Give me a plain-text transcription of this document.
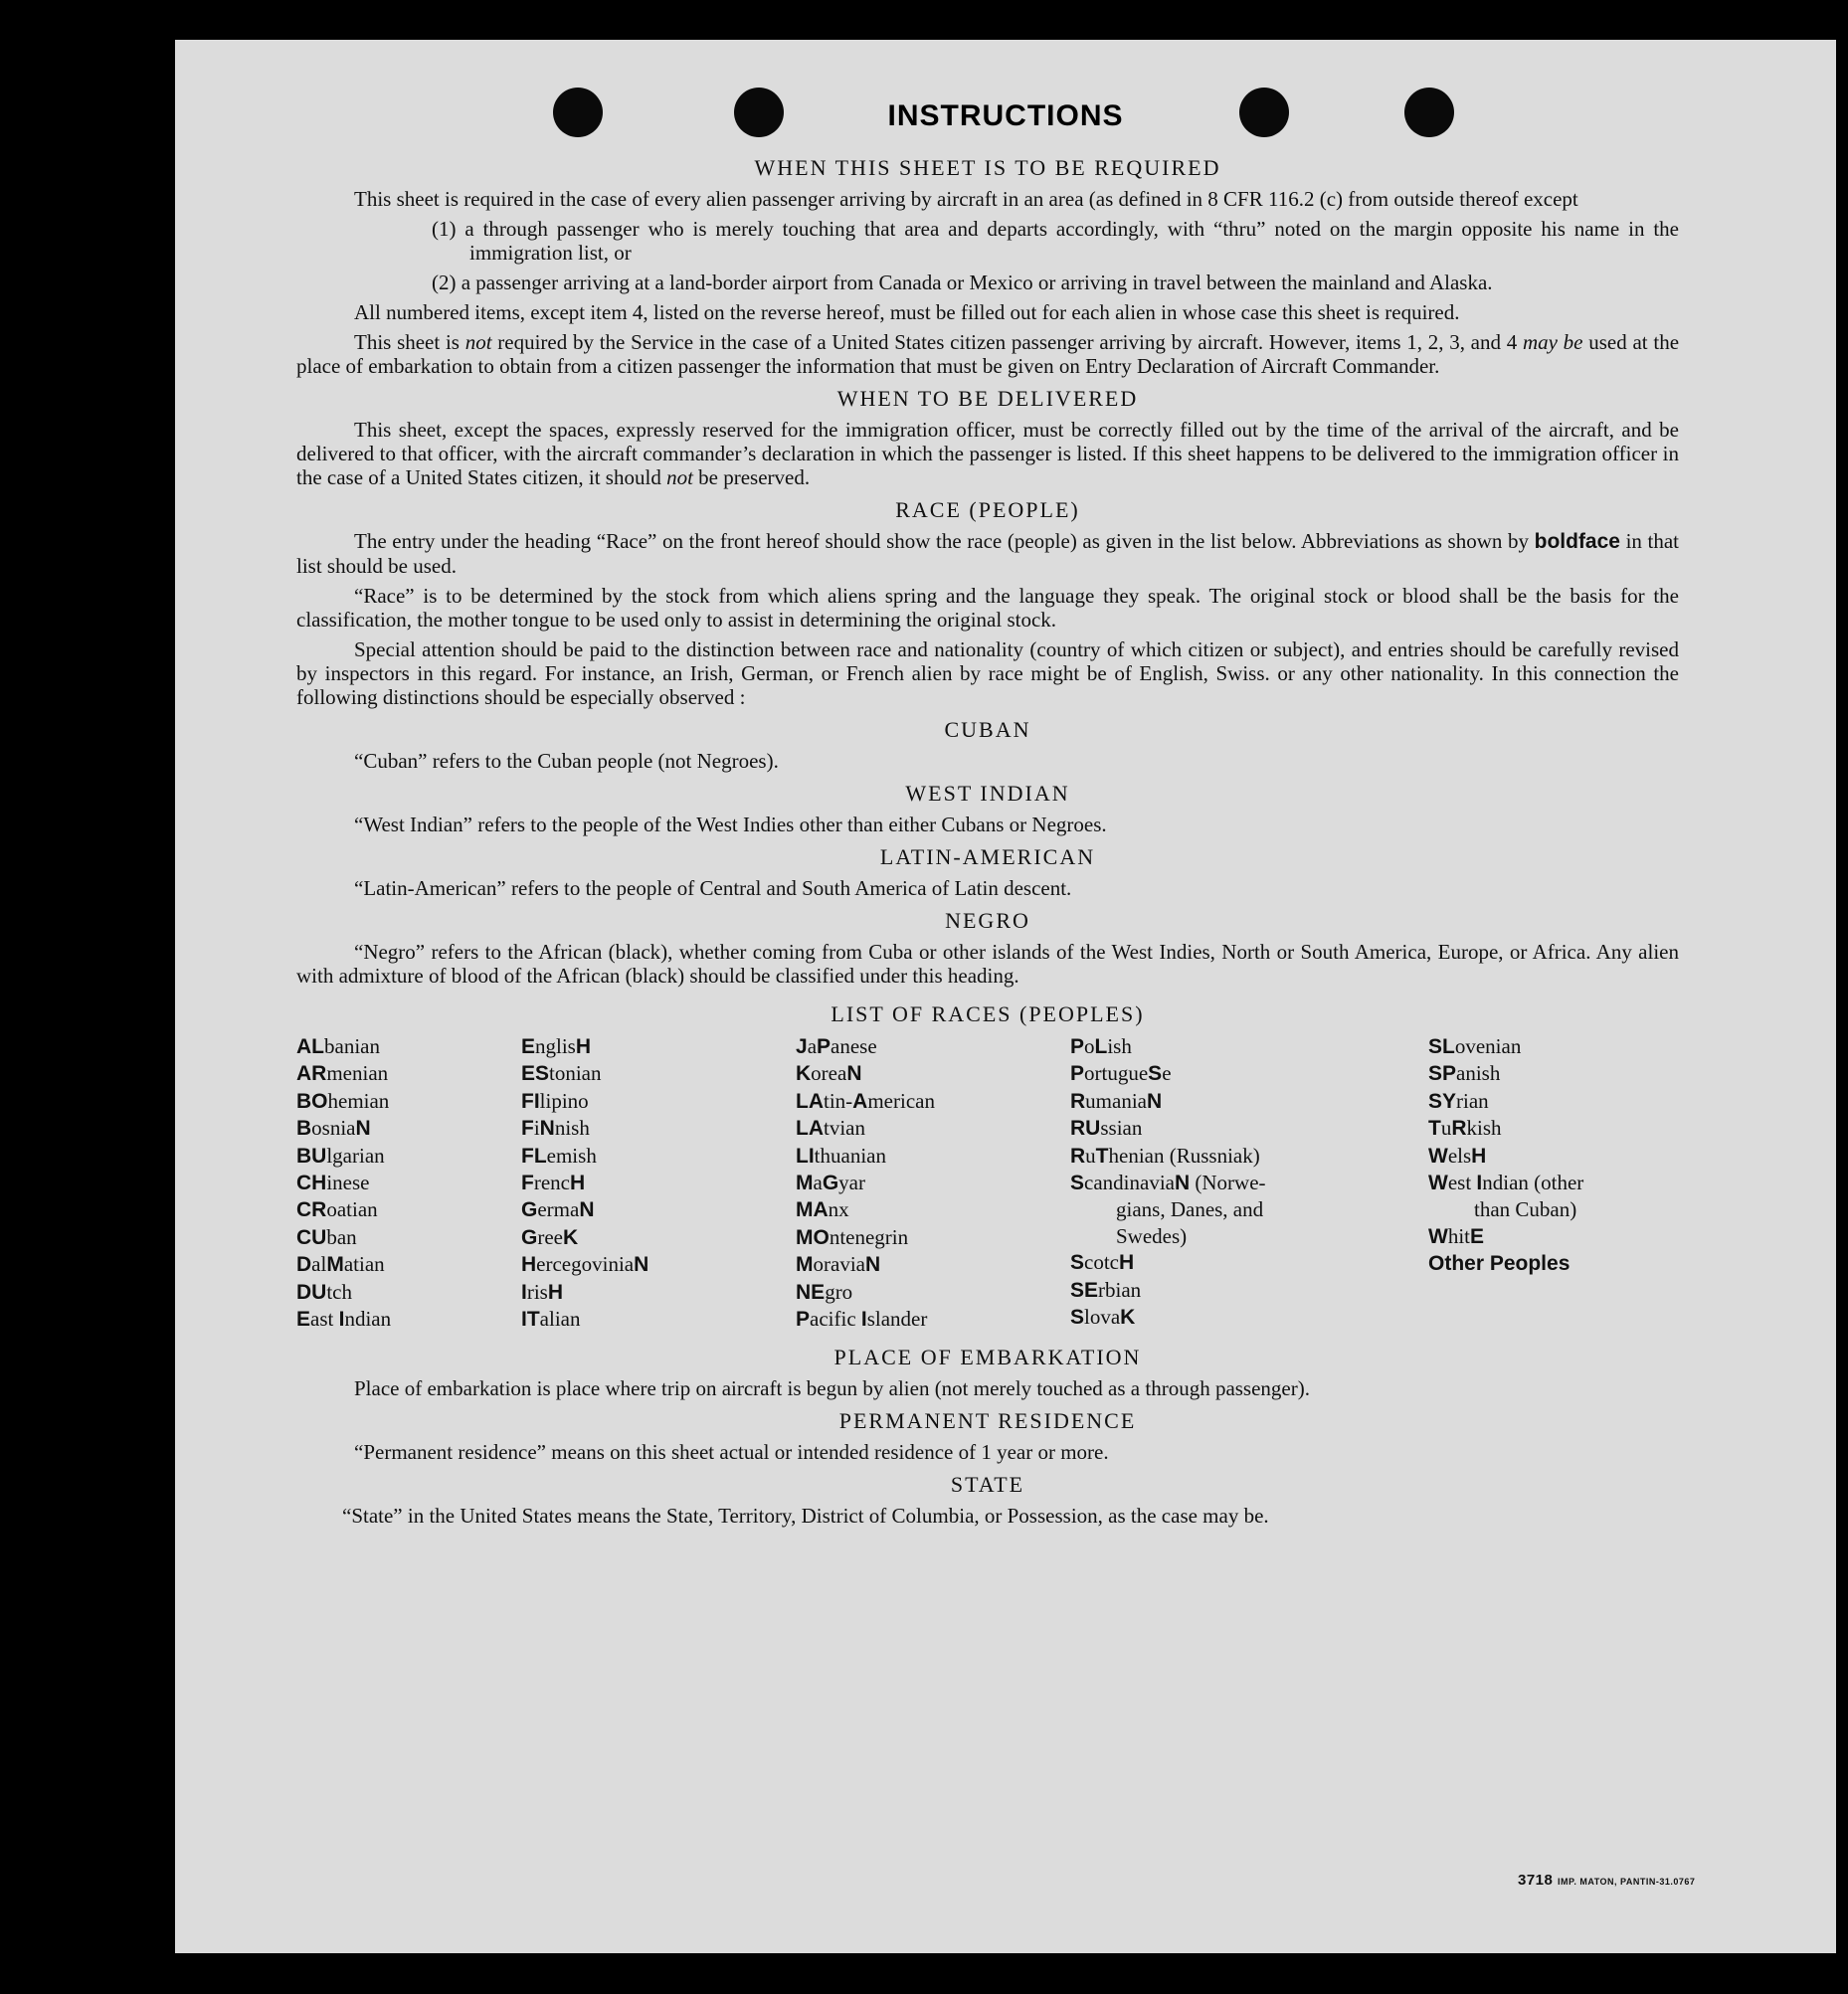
INSTRUCTIONS
WHEN THIS SHEET IS TO BE REQUIRED

This sheet is required in the case of every alien passenger arriving by aircraft in an area (as defined in 8 CFR 116.2 (c) from outside thereof except

(1) a through passenger who is merely touching that area and departs accordingly, with “thru” noted on the margin opposite his name in the immigration list, or

(2) a passenger arriving at a land-border airport from Canada or Mexico or arriving in travel between the mainland and Alaska.

All numbered items, except item 4, listed on the reverse hereof, must be filled out for each alien in whose case this sheet is required.

This sheet is not required by the Service in the case of a United States citizen passenger arriving by aircraft. However, items 1, 2, 3, and 4 may be used at the place of embarkation to obtain from a citizen passenger the information that must be given on Entry Declaration of Aircraft Commander.

WHEN TO BE DELIVERED

This sheet, except the spaces, expressly reserved for the immigration officer, must be correctly filled out by the time of the arrival of the aircraft, and be delivered to that officer, with the aircraft commander’s declaration in which the passenger is listed. If this sheet happens to be delivered to the immigration officer in the case of a United States citizen, it should not be preserved.

RACE (PEOPLE)

The entry under the heading “Race” on the front hereof should show the race (people) as given in the list below. Abbreviations as shown by boldface in that list should be used.

“Race” is to be determined by the stock from which aliens spring and the language they speak. The original stock or blood shall be the basis for the classification, the mother tongue to be used only to assist in determining the original stock.

Special attention should be paid to the distinction between race and nationality (country of which citizen or subject), and entries should be carefully revised by inspectors in this regard. For instance, an Irish, German, or French alien by race might be of English, Swiss. or any other nationality. In this connection the following distinctions should be especially observed :

CUBAN

“Cuban” refers to the Cuban people (not Negroes).

WEST INDIAN

“West Indian” refers to the people of the West Indies other than either Cubans or Negroes.

LATIN-AMERICAN

“Latin-American” refers to the people of Central and South America of Latin descent.

NEGRO

“Negro” refers to the African (black), whether coming from Cuba or other islands of the West Indies, North or South America, Europe, or Africa. Any alien with admixture of blood of the African (black) should be classified under this heading.

LIST OF RACES (PEOPLES)
ALbanian
ARmenian
BOhemian
BosniaN
BUlgarian
CHinese
CRoatian
CUban
DalMatian
DUtch
East Indian
EnglisH
EStonian
FIlipino
FiNnish
FLemish
FrencH
GermaN
GreeK
HercegoviniaN
IrisH
ITalian
JaPanese
KoreaN
LAtin-American
LAtvian
LIthuanian
MaGyar
MAnx
MOntenegrin
MoraviaN
NEgro
Pacific Islander
PoLish
PortugueSe
RumaniaN
RUssian
RuThenian (Russniak)
ScandinaviaN (Norwe-
gians, Danes, and
Swedes)
ScotcH
SErbian
SlovaK
SLovenian
SPanish
SYrian
TuRkish
WelsH
West Indian (other
than Cuban)
WhitE
Other Peoples
PLACE OF EMBARKATION

Place of embarkation is place where trip on aircraft is begun by alien (not merely touched as a through passenger).

PERMANENT RESIDENCE

“Permanent residence” means on this sheet actual or intended residence of 1 year or more.

STATE

“State” in the United States means the State, Territory, District of Columbia, or Possession, as the case may be.

3718 IMP. MATON, PANTIN-31.0767
